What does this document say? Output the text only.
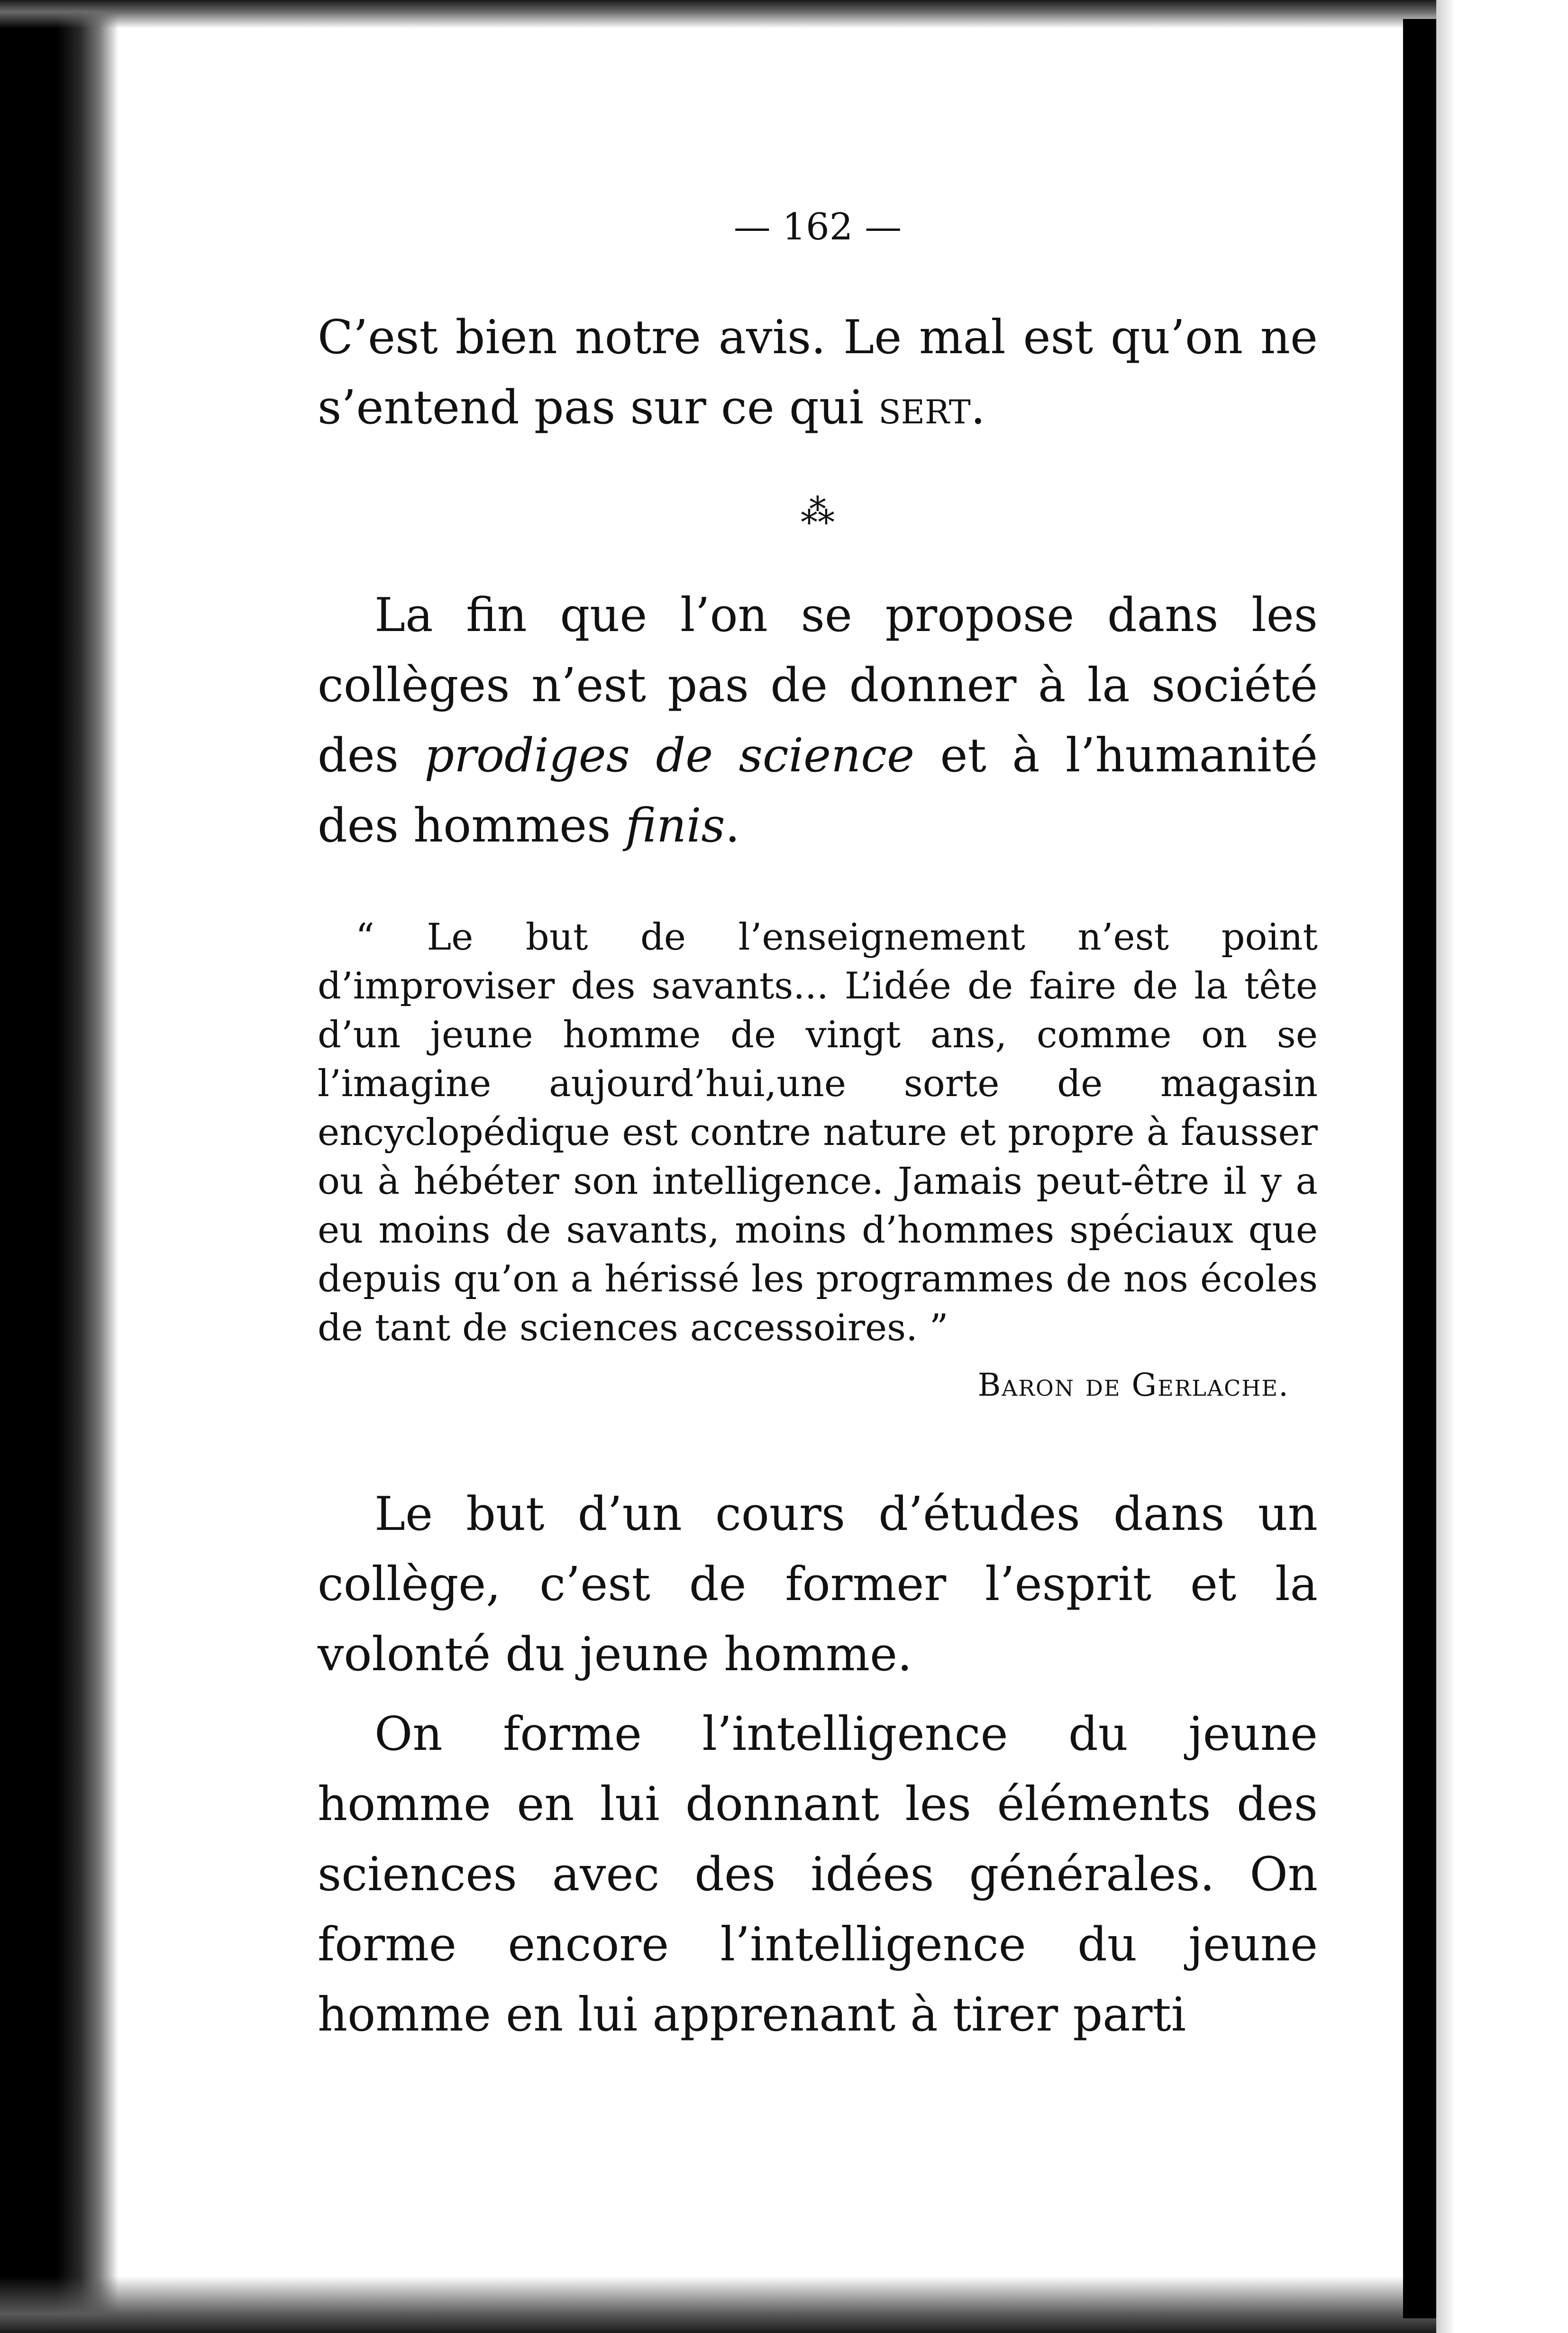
— 162 —

C’est bien notre avis. Le mal est qu’on ne s’entend pas sur ce qui sert.

⁂

La fin que l’on se propose dans les collèges n’est pas de donner à la société des prodiges de science et à l’humanité des hommes finis.

“ Le but de l’enseignement n’est point d’improviser des savants... L’idée de faire de la tête d’un jeune homme de vingt ans, comme on se l’imagine aujourd’hui,une sorte de magasin encyclopédique est contre nature et propre à fausser ou à hébéter son intelligence. Jamais peut-être il y a eu moins de savants, moins d’hommes spéciaux que depuis qu’on a hérissé les programmes de nos écoles de tant de sciences accessoires. ”

Baron de Gerlache.

Le but d’un cours d’études dans un collège, c’est de former l’esprit et la volonté du jeune homme.

On forme l’intelligence du jeune homme en lui donnant les éléments des sciences avec des idées générales. On forme encore l’intelligence du jeune homme en lui apprenant à tirer parti
